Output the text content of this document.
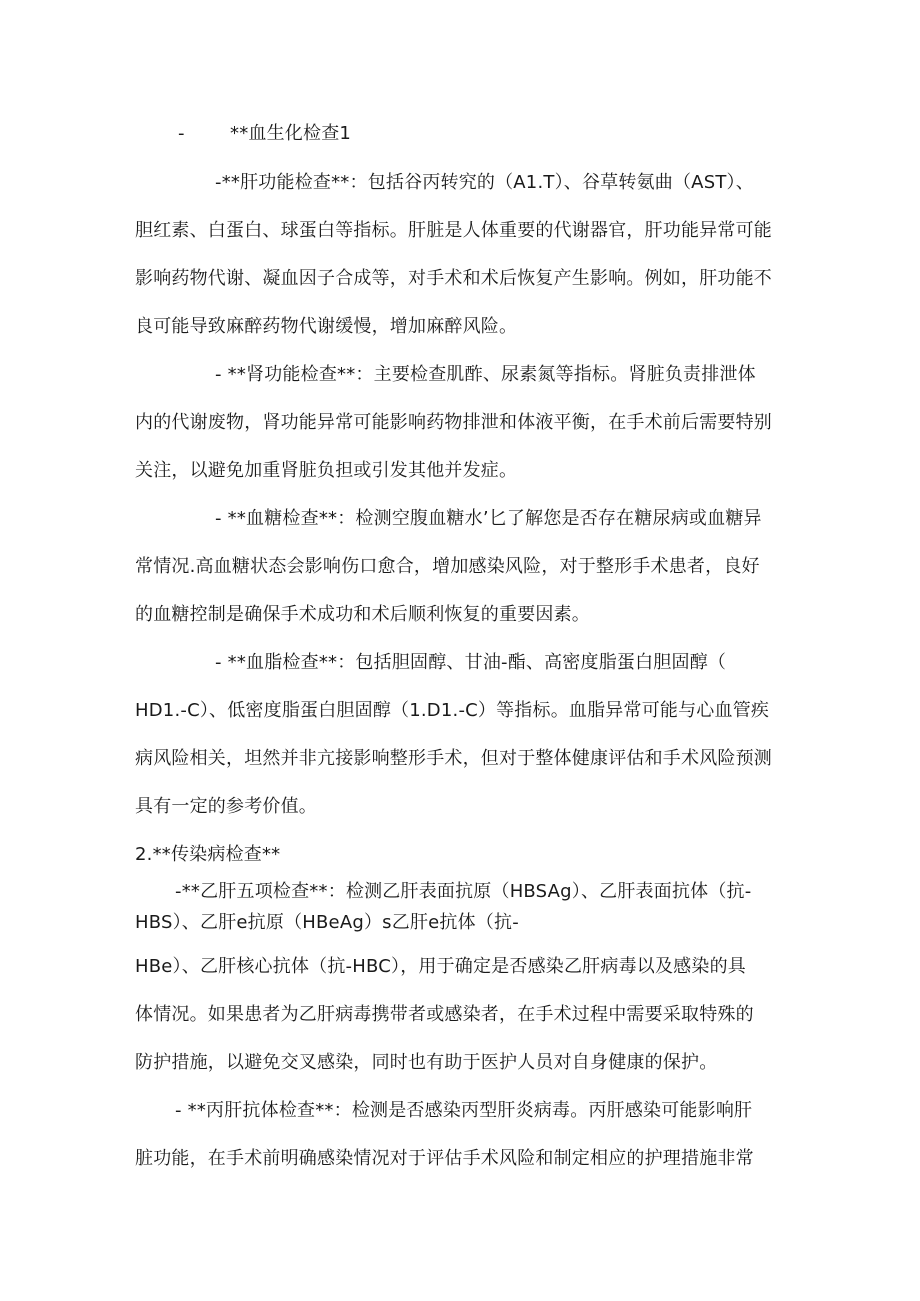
-	**血生化检查1
-**肝功能检查**：包括谷丙转究的（A1.T）、谷草转氨曲（AST）、
胆红素、白蛋白、球蛋白等指标。肝脏是人体重要的代谢器官，肝功能异常可能
影响药物代谢、凝血因子合成等，对手术和术后恢复产生影响。例如，肝功能不
良可能导致麻醉药物代谢缓慢，增加麻醉风险。
- **肾功能检查**：主要检查肌酢、尿素氮等指标。肾脏负责排泄体
内的代谢废物，肾功能异常可能影响药物排泄和体液平衡，在手术前后需要特别
关注，以避免加重肾脏负担或引发其他并发症。
- **血糖检查**：检测空腹血糖水’匕了解您是否存在糖尿病或血糖异
常情况.高血糖状态会影响伤口愈合，增加感染风险，对于整形手术患者，良好
的血糖控制是确保手术成功和术后顺利恢复的重要因素。
- **血脂检查**：包括胆固醇、甘油-酯、高密度脂蛋白胆固醇（
HD1.-C）、低密度脂蛋白胆固醇（1.D1.-C）等指标。血脂异常可能与心血管疾
病风险相关，坦然并非亢接影响整形手术，但对于整体健康评估和手术风险预测
具有一定的参考价值。
2.**传染病检查**
-**乙肝五项检查**：检测乙肝表面抗原（HBSAg）、乙肝表面抗体（抗-
HBS）、乙肝e抗原（HBeAg）s乙肝e抗体（抗-
HBe）、乙肝核心抗体（抗-HBC），用于确定是否感染乙肝病毒以及感染的具
体情况。如果患者为乙肝病毒携带者或感染者，在手术过程中需要采取特殊的
防护措施，以避免交叉感染，同时也有助于医护人员对自身健康的保护。
- **丙肝抗体检查**：检测是否感染丙型肝炎病毒。丙肝感染可能影响肝
脏功能，在手术前明确感染情况对于评估手术风险和制定相应的护理措施非常
